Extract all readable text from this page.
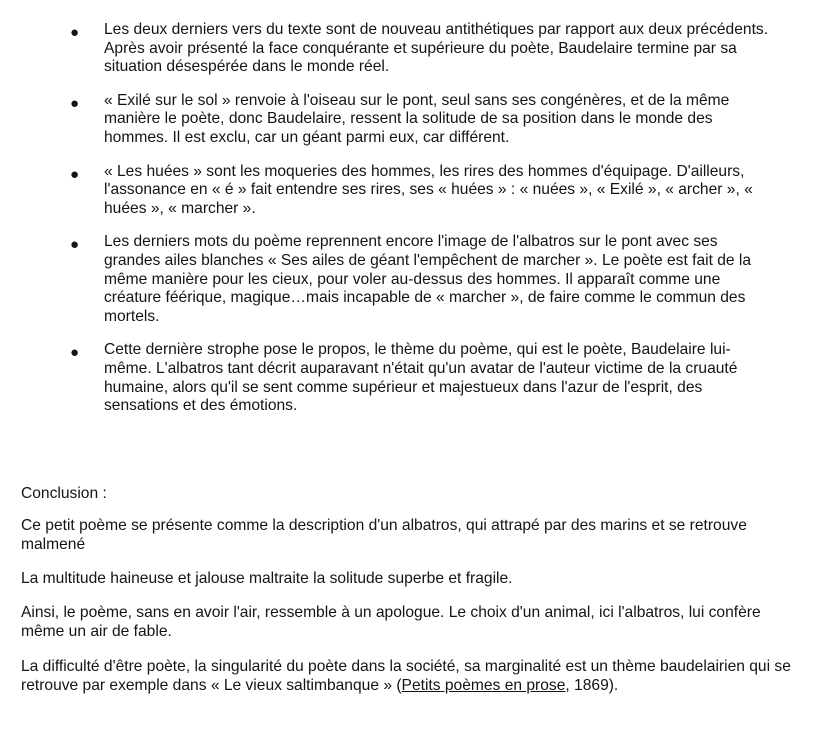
● Les deux derniers vers du texte sont de nouveau antithétiques par rapport aux deux précédents. Après avoir présenté la face conquérante et supérieure du poète, Baudelaire termine par sa situation désespérée dans le monde réel.
● « Exilé sur le sol » renvoie à l'oiseau sur le pont, seul sans ses congénères, et de la même manière le poète, donc Baudelaire, ressent la solitude de sa position dans le monde des hommes. Il est exclu, car un géant parmi eux, car différent.
● « Les huées » sont les moqueries des hommes, les rires des hommes d'équipage. D'ailleurs, l'assonance en « é » fait entendre ses rires, ses « huées » : « nuées », « Exilé », « archer », « huées », « marcher ».
● Les derniers mots du poème reprennent encore l'image de l'albatros sur le pont avec ses grandes ailes blanches « Ses ailes de géant l'empêchent de marcher ». Le poète est fait de la même manière pour les cieux, pour voler au-dessus des hommes. Il apparaît comme une créature féérique, magique…mais incapable de « marcher », de faire comme le commun des mortels.
● Cette dernière strophe pose le propos, le thème du poème, qui est le poète, Baudelaire lui-même. L'albatros tant décrit auparavant n'était qu'un avatar de l'auteur victime de la cruauté humaine, alors qu'il se sent comme supérieur et majestueux dans l'azur de l'esprit, des sensations et des émotions.

Conclusion :

Ce petit poème se présente comme la description d'un albatros, qui attrapé par des marins et se retrouve malmené

La multitude haineuse et jalouse maltraite la solitude superbe et fragile.

Ainsi, le poème, sans en avoir l'air, ressemble à un apologue. Le choix d'un animal, ici l'albatros, lui confère même un air de fable.

La difficulté d'être poète, la singularité du poète dans la société, sa marginalité est un thème baudelairien qui se retrouve par exemple dans « Le vieux saltimbanque » (Petits poèmes en prose, 1869).
